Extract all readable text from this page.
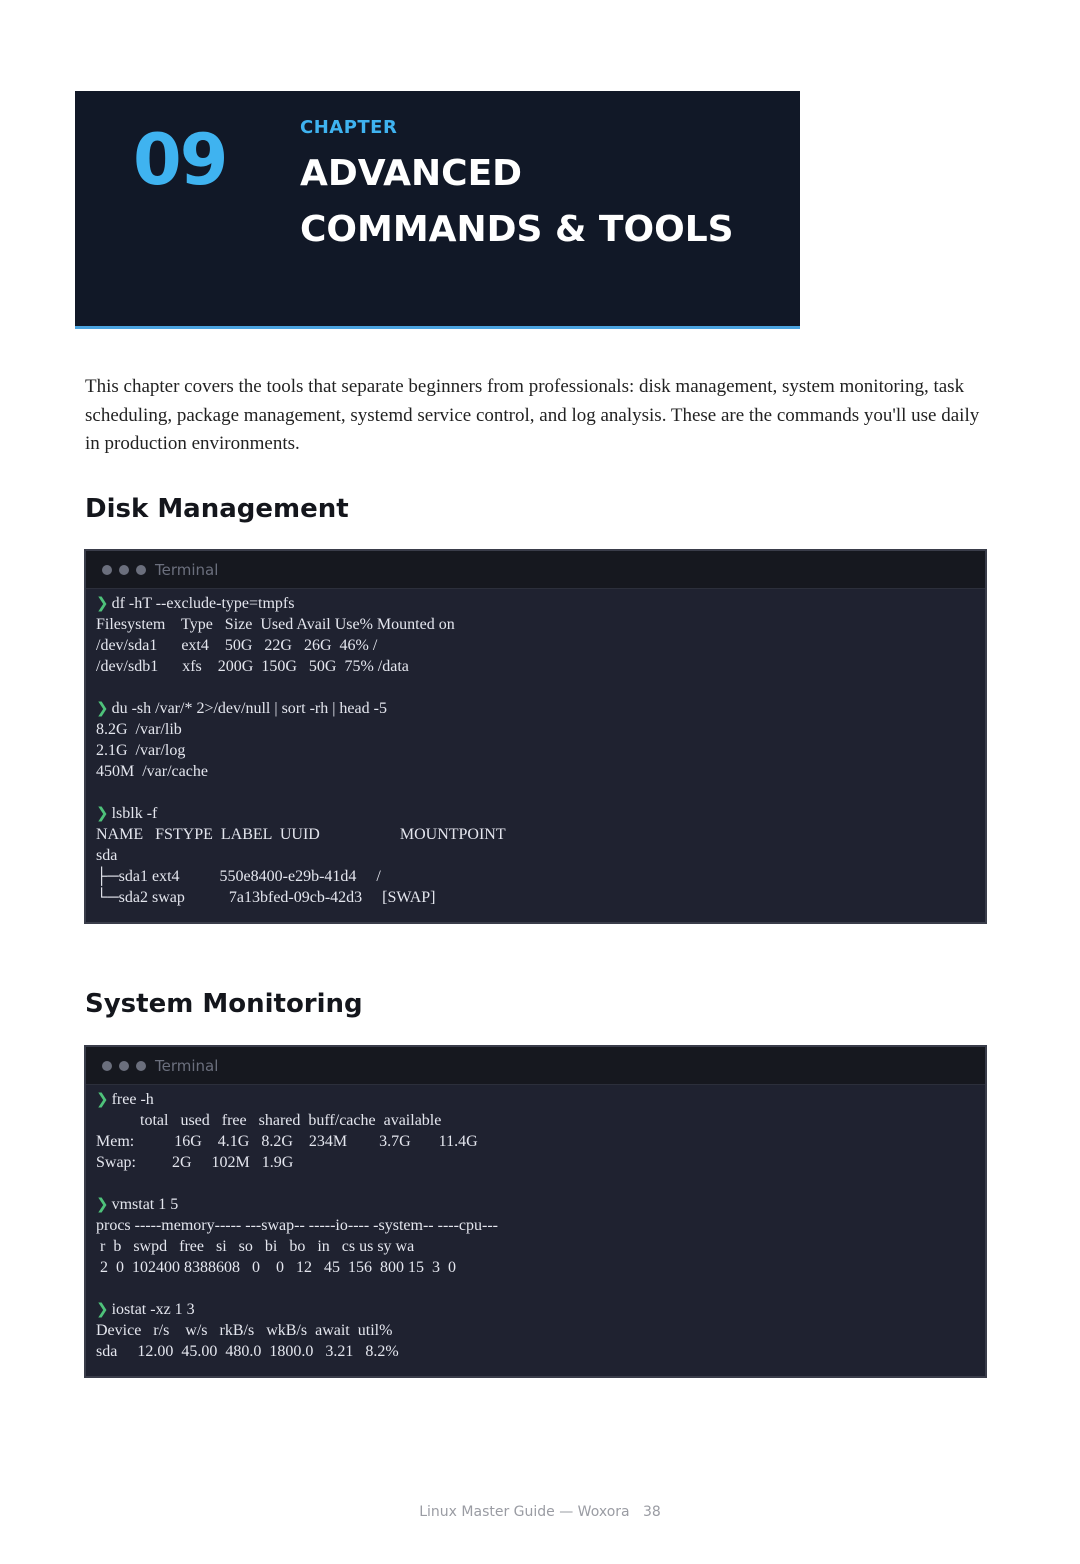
09	CHAPTER
ADVANCED
COMMANDS & TOOLS

This chapter covers the tools that separate beginners from professionals: disk management, system monitoring, task scheduling, package management, systemd service control, and log analysis. These are the commands you'll use daily in production environments.

Disk Management
Terminal
❯ df -hT --exclude-type=tmpfs
Filesystem    Type   Size  Used Avail Use% Mounted on
/dev/sda1      ext4    50G   22G   26G  46% /
/dev/sdb1      xfs    200G  150G   50G  75% /data
❯ du -sh /var/* 2>/dev/null | sort -rh | head -5
8.2G  /var/lib
2.1G  /var/log
450M  /var/cache
❯ lsblk -f
NAME   FSTYPE  LABEL  UUID                    MOUNTPOINT
sda
├─sda1 ext4          550e8400-e29b-41d4     /
└─sda2 swap           7a13bfed-09cb-42d3     [SWAP]
System Monitoring
Terminal
❯ free -h
total   used   free   shared  buff/cache  available
Mem:          16G    4.1G   8.2G    234M        3.7G       11.4G
Swap:         2G     102M   1.9G
❯ vmstat 1 5
procs -----memory----- ---swap-- -----io---- -system-- ----cpu---
r  b   swpd   free   si   so   bi   bo   in   cs us sy wa
2  0  102400 8388608   0    0   12   45  156  800 15  3  0
❯ iostat -xz 1 3
Device   r/s    w/s   rkB/s   wkB/s  await  util%
sda     12.00  45.00  480.0  1800.0   3.21   8.2%
Linux Master Guide — Woxora   38
